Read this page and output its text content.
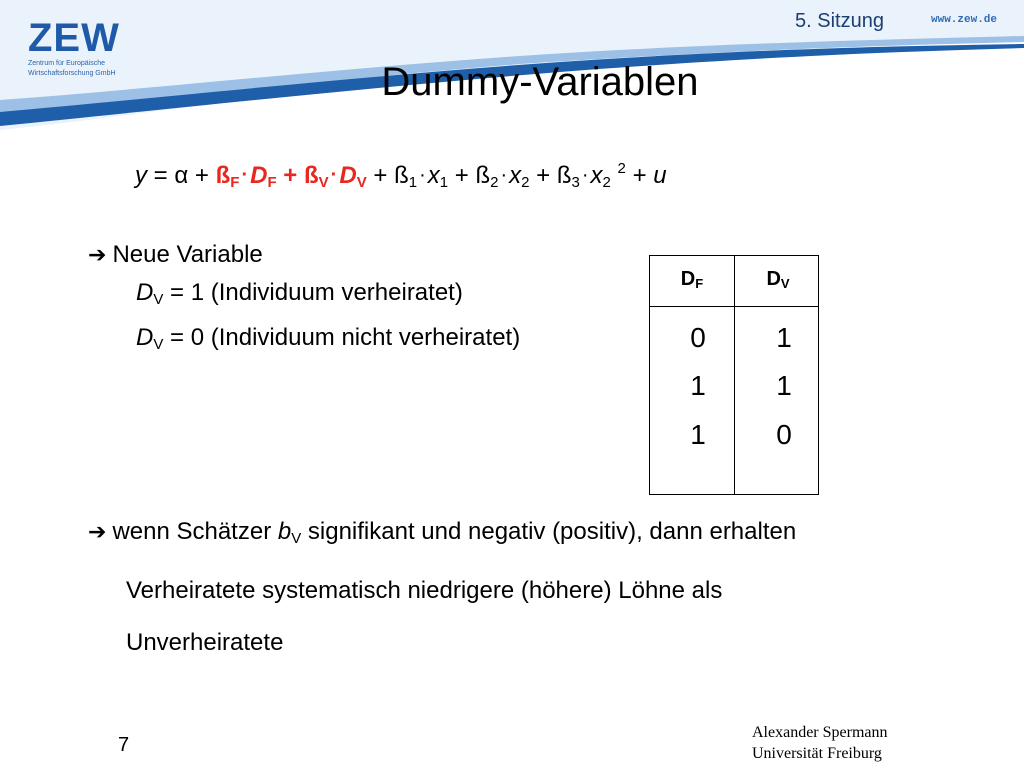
ZEW
Zentrum für Europäische
Wirtschaftsforschung GmbH
5. Sitzung	www.zew.de
Dummy-Variablen
$y = \alpha + ß_F \cdot D_F$ + $ß_V \cdot D_V$ + $ß_1 \cdot x_1$ + $ß_2 \cdot x_2$ + $ß_3 \cdot x_2$ $^2$ + u
➔ Neue Variable
$D_V = 1$ (Individuum verheiratet)
$D_V = 0$ (Individuum nicht verheiratet)
$D_F$	$D_V$
0	1
1	1
1	0
➔ wenn Schätzer $b_V$ signifikant und negativ (positiv), dann erhalten
Verheiratete systematisch niedrigere (höhere) Löhne als
Unverheiratete
7
Alexander Spermann
Universität Freiburg
